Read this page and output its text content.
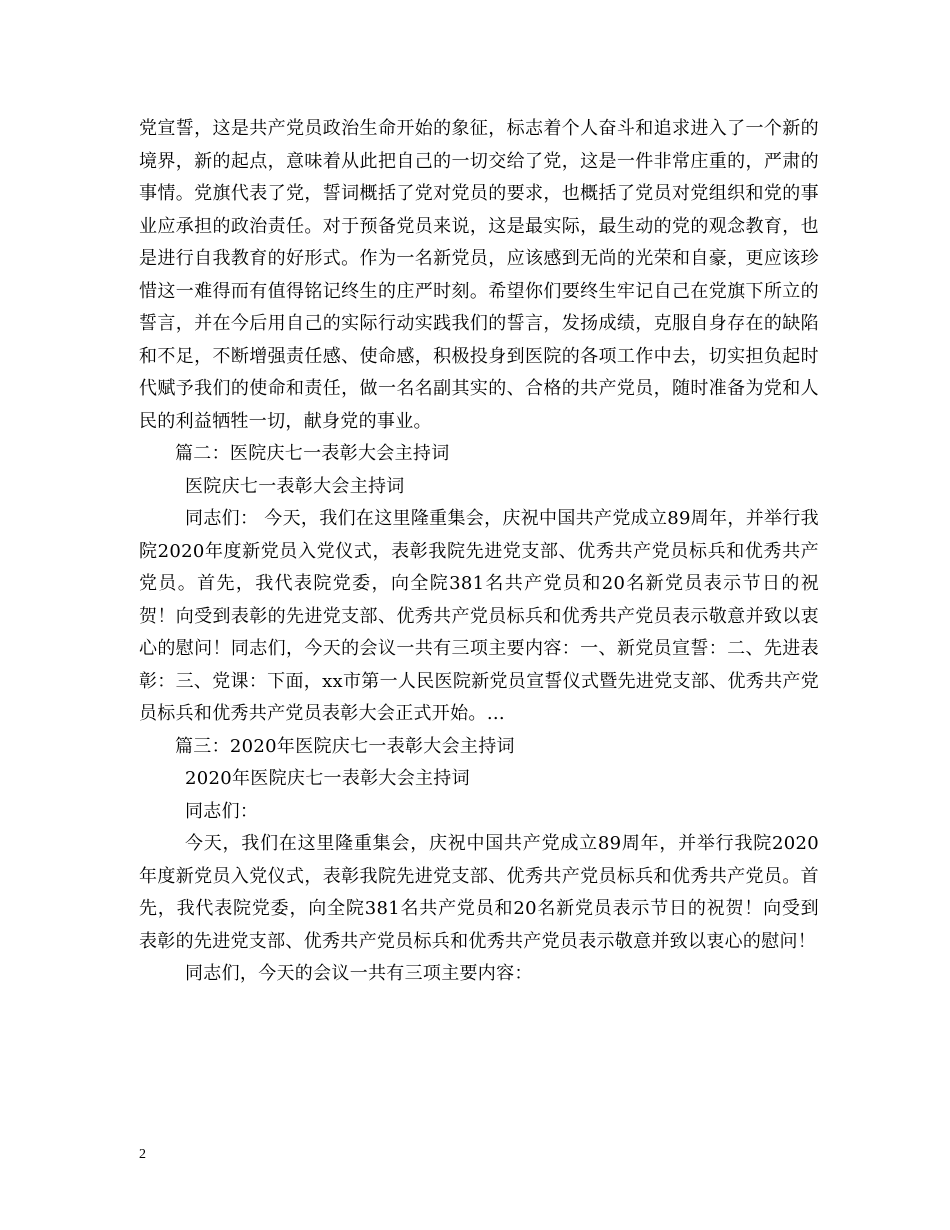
党宣誓，这是共产党员政治生命开始的象征，标志着个人奋斗和追求进入了一个新的境界，新的起点，意味着从此把自己的一切交给了党，这是一件非常庄重的，严肃的事情。党旗代表了党，誓词概括了党对党员的要求，也概括了党员对党组织和党的事业应承担的政治责任。对于预备党员来说，这是最实际，最生动的党的观念教育，也是进行自我教育的好形式。作为一名新党员，应该感到无尚的光荣和自豪，更应该珍惜这一难得而有值得铭记终生的庄严时刻。希望你们要终生牢记自己在党旗下所立的誓言，并在今后用自己的实际行动实践我们的誓言，发扬成绩，克服自身存在的缺陷和不足，不断增强责任感、使命感，积极投身到医院的各项工作中去，切实担负起时代赋予我们的使命和责任，做一名名副其实的、合格的共产党员，随时准备为党和人民的利益牺牲一切，献身党的事业。

篇二：医院庆七一表彰大会主持词

医院庆七一表彰大会主持词

同志们： 今天，我们在这里隆重集会，庆祝中国共产党成立89周年，并举行我院2020年度新党员入党仪式，表彰我院先进党支部、优秀共产党员标兵和优秀共产党员。首先，我代表院党委，向全院381名共产党员和20名新党员表示节日的祝贺！向受到表彰的先进党支部、优秀共产党员标兵和优秀共产党员表示敬意并致以衷心的慰问！同志们，今天的会议一共有三项主要内容：一、新党员宣誓：二、先进表彰：三、党课：下面，xx市第一人民医院新党员宣誓仪式暨先进党支部、优秀共产党员标兵和优秀共产党员表彰大会正式开始。…

篇三：2020年医院庆七一表彰大会主持词

2020年医院庆七一表彰大会主持词

同志们：

今天，我们在这里隆重集会，庆祝中国共产党成立89周年，并举行我院2020年度新党员入党仪式，表彰我院先进党支部、优秀共产党员标兵和优秀共产党员。首先，我代表院党委，向全院381名共产党员和20名新党员表示节日的祝贺！向受到表彰的先进党支部、优秀共产党员标兵和优秀共产党员表示敬意并致以衷心的慰问！

同志们，今天的会议一共有三项主要内容：

2
